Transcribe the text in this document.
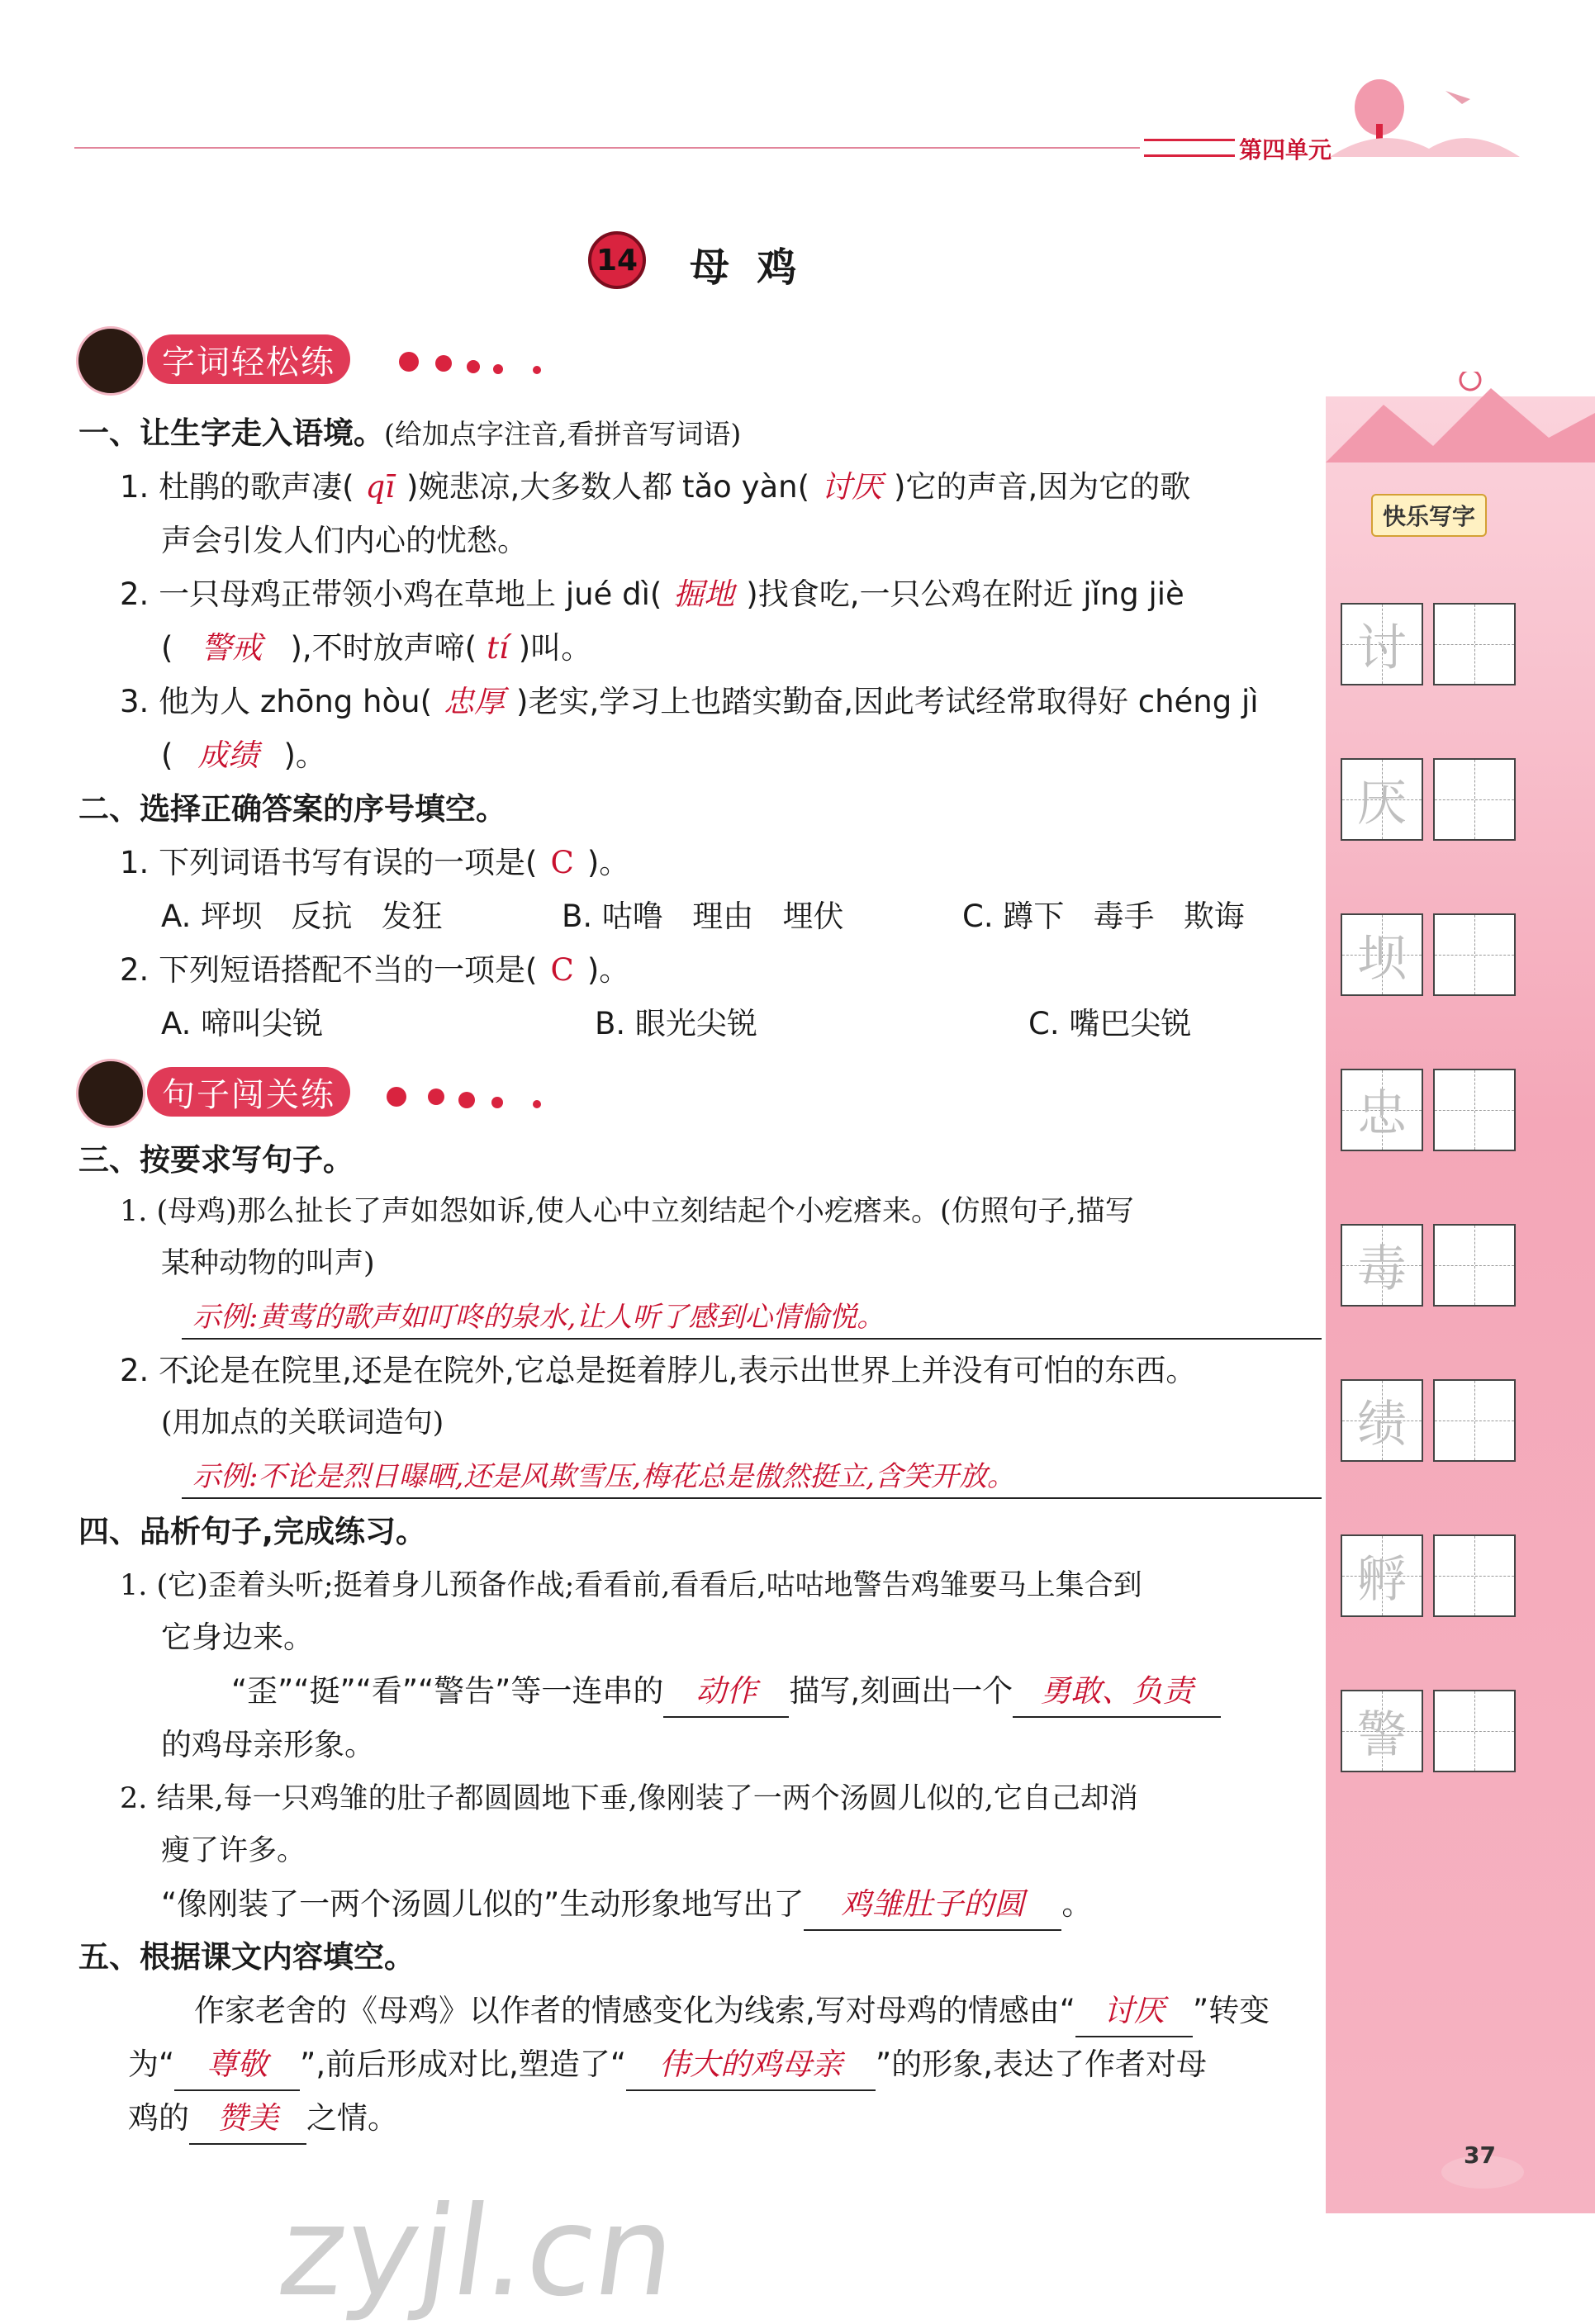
第四单元
14 母  鸡
字词轻松练
一、让生字走入语境。(给加点字注音,看拼音写词语)
1. 杜鹃的歌声凄( qī )婉悲凉,大多数人都 tǎo yàn( 讨厌 )它的声音,因为它的歌
声会引发人们内心的忧愁。
2. 一只母鸡正带领小鸡在草地上 jué dì( 掘地 )找食吃,一只公鸡在附近 jǐng jiè
( 警戒 ),不时放声啼( tí )叫。
3. 他为人 zhōng hòu( 忠厚 )老实,学习上也踏实勤奋,因此考试经常取得好 chéng jì
( 成绩 )。
二、选择正确答案的序号填空。
1. 下列词语书写有误的一项是( C )。
A. 坪坝   反抗   发狂	B. 咕噜   理由   埋伏	C. 蹲下   毒手   欺诲
2. 下列短语搭配不当的一项是( C )。
A. 啼叫尖锐	B. 眼光尖锐	C. 嘴巴尖锐
句子闯关练
三、按要求写句子。
1. (母鸡)那么扯长了声如怨如诉,使人心中立刻结起个小疙瘩来。(仿照句子,描写
某种动物的叫声)
示例:黄莺的歌声如叮咚的泉水,让人听了感到心情愉悦。
2. 不论是在院里,还是在院外,它总是挺着脖儿,表示出世界上并没有可怕的东西。
(用加点的关联词造句)
示例:不论是烈日曝晒,还是风欺雪压,梅花总是傲然挺立,含笑开放。
四、品析句子,完成练习。
1. (它)歪着头听;挺着身儿预备作战;看看前,看看后,咕咕地警告鸡雏要马上集合到
它身边来。
“歪”“挺”“看”“警告”等一连串的 动作 描写,刻画出一个 勇敢、负责
的鸡母亲形象。
2. 结果,每一只鸡雏的肚子都圆圆地下垂,像刚装了一两个汤圆儿似的,它自己却消
瘦了许多。
“像刚装了一两个汤圆儿似的”生动形象地写出了 鸡雏肚子的圆 。
五、根据课文内容填空。
作家老舍的《母鸡》以作者的情感变化为线索,写对母鸡的情感由“ 讨厌 ”转变
为“ 尊敬 ”,前后形成对比,塑造了“ 伟大的鸡母亲 ”的形象,表达了作者对母
鸡的 赞美 之情。
快乐写字
讨
厌
坝
忠
毒
绩
孵
警
37
zyjl.cn
